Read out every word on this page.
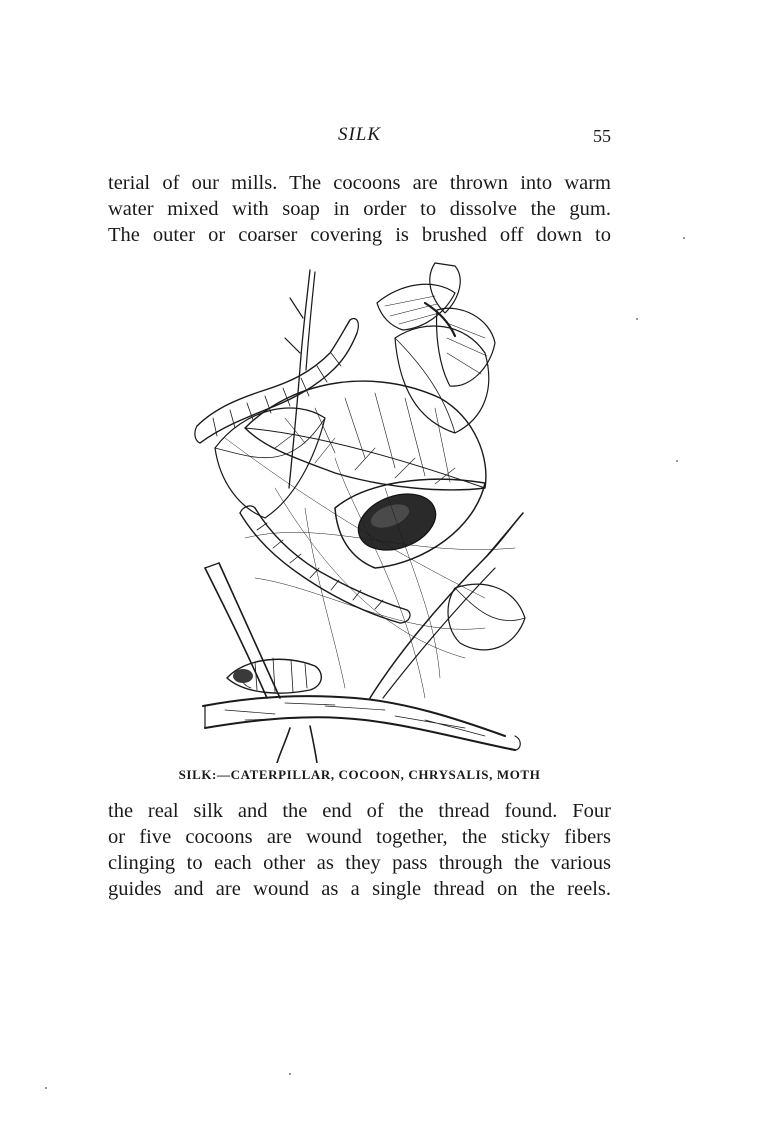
SILK	55
terial of our mills. The cocoons are thrown into warm
water mixed with soap in order to dissolve the gum.
The outer or coarser covering is brushed off down to
SILK:—CATERPILLAR, COCOON, CHRYSALIS, MOTH
the real silk and the end of the thread found. Four
or five cocoons are wound together, the sticky fibers
clinging to each other as they pass through the various
guides and are wound as a single thread on the reels.
